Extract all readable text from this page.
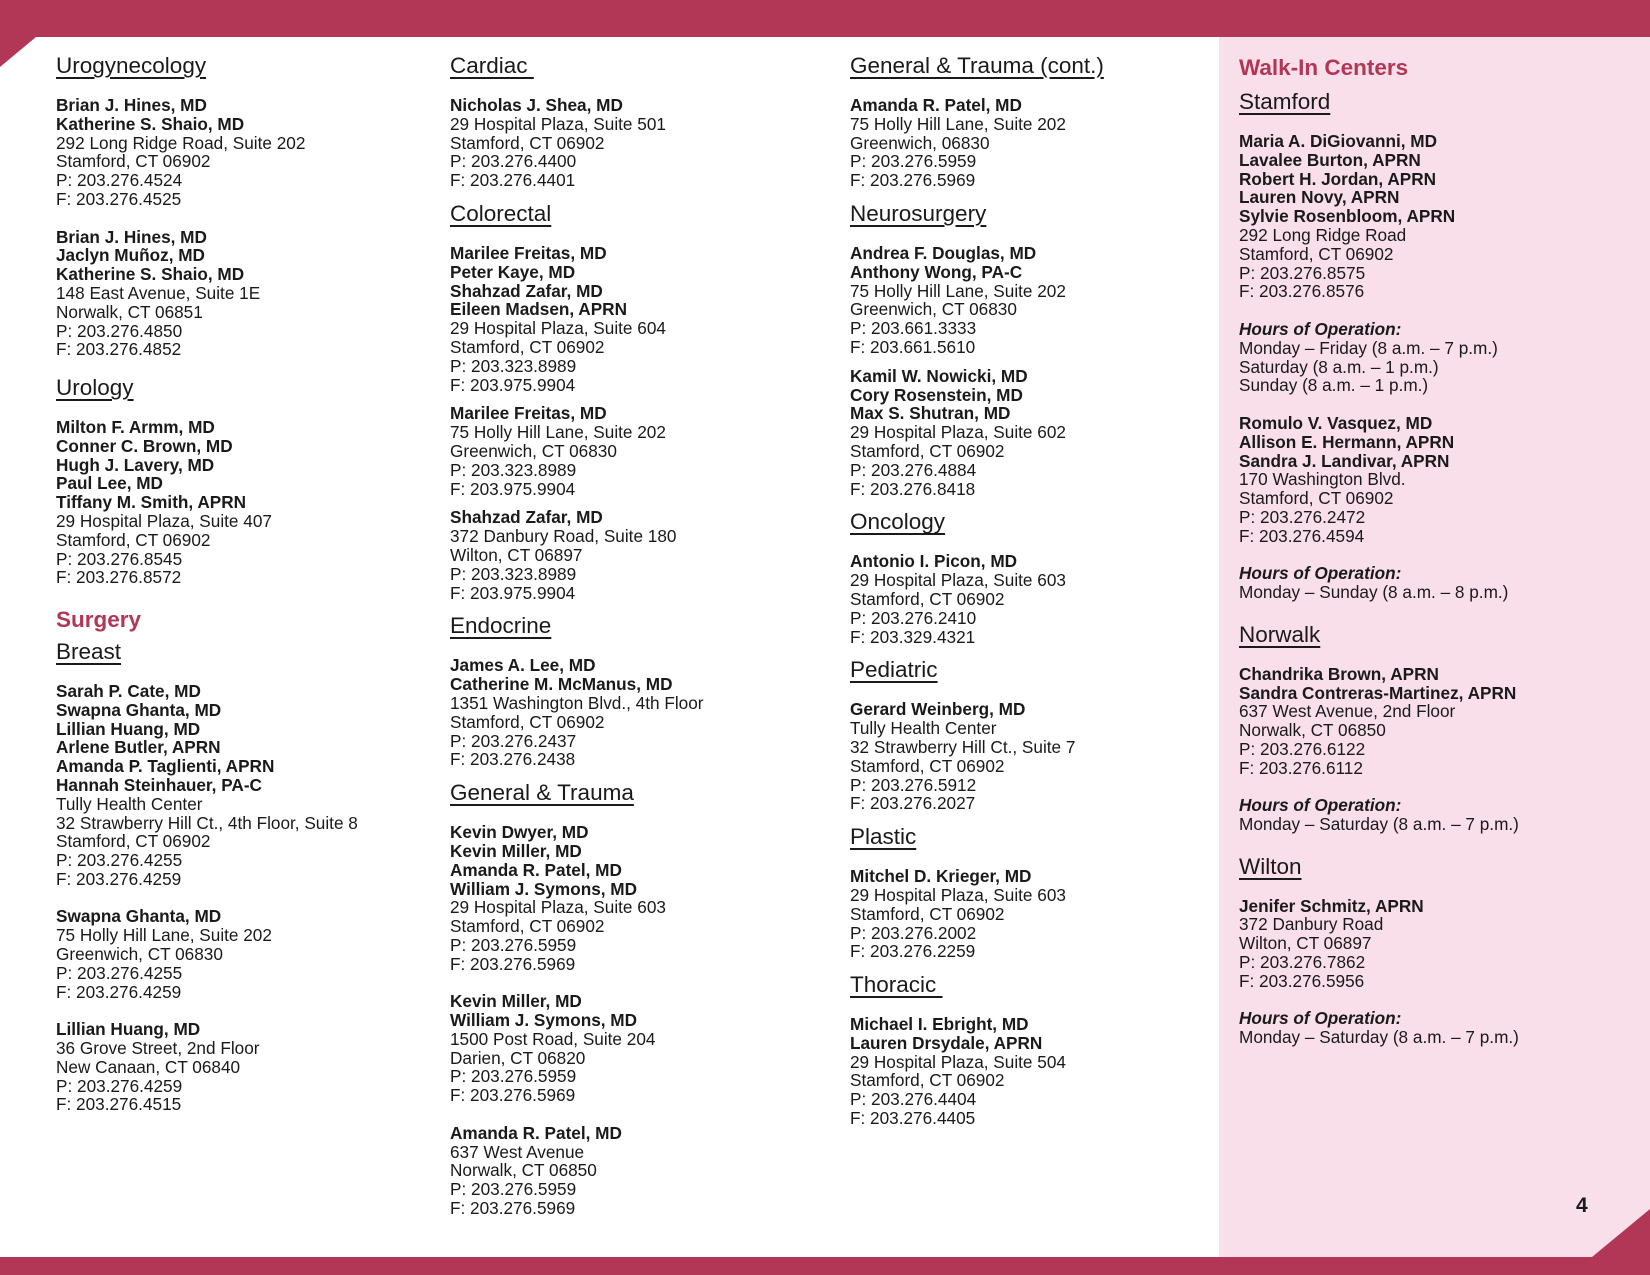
Urogynecology
Brian J. Hines, MD
Katherine S. Shaio, MD
292 Long Ridge Road, Suite 202
Stamford, CT 06902
P: 203.276.4524
F: 203.276.4525
Brian J. Hines, MD
Jaclyn Muñoz, MD
Katherine S. Shaio, MD
148 East Avenue, Suite 1E
Norwalk, CT 06851
P: 203.276.4850
F: 203.276.4852
Urology
Milton F. Armm, MD
Conner C. Brown, MD
Hugh J. Lavery, MD
Paul Lee, MD
Tiffany M. Smith, APRN
29 Hospital Plaza, Suite 407
Stamford, CT 06902
P: 203.276.8545
F: 203.276.8572
Surgery
Breast
Sarah P. Cate, MD
Swapna Ghanta, MD
Lillian Huang, MD
Arlene Butler, APRN
Amanda P. Taglienti, APRN
Hannah Steinhauer, PA-C
Tully Health Center
32 Strawberry Hill Ct., 4th Floor, Suite 8
Stamford, CT 06902
P: 203.276.4255
F: 203.276.4259
Swapna Ghanta, MD
75 Holly Hill Lane, Suite 202
Greenwich, CT 06830
P: 203.276.4255
F: 203.276.4259
Lillian Huang, MD
36 Grove Street, 2nd Floor
New Canaan, CT 06840
P: 203.276.4259
F: 203.276.4515
Cardiac
Nicholas J. Shea, MD
29 Hospital Plaza, Suite 501
Stamford, CT 06902
P: 203.276.4400
F: 203.276.4401
Colorectal
Marilee Freitas, MD
Peter Kaye, MD
Shahzad Zafar, MD
Eileen Madsen, APRN
29 Hospital Plaza, Suite 604
Stamford, CT 06902
P: 203.323.8989
F: 203.975.9904
Marilee Freitas, MD
75 Holly Hill Lane, Suite 202
Greenwich, CT 06830
P: 203.323.8989
F: 203.975.9904
Shahzad Zafar, MD
372 Danbury Road, Suite 180
Wilton, CT 06897
P: 203.323.8989
F: 203.975.9904
Endocrine
James A. Lee, MD
Catherine M. McManus, MD
1351 Washington Blvd., 4th Floor
Stamford, CT 06902
P: 203.276.2437
F: 203.276.2438
General & Trauma
Kevin Dwyer, MD
Kevin Miller, MD
Amanda R. Patel, MD
William J. Symons, MD
29 Hospital Plaza, Suite 603
Stamford, CT 06902
P: 203.276.5959
F: 203.276.5969
Kevin Miller, MD
William J. Symons, MD
1500 Post Road, Suite 204
Darien, CT 06820
P: 203.276.5959
F: 203.276.5969
Amanda R. Patel, MD
637 West Avenue
Norwalk, CT 06850
P: 203.276.5959
F: 203.276.5969
General & Trauma (cont.)
Amanda R. Patel, MD
75 Holly Hill Lane, Suite 202
Greenwich, 06830
P: 203.276.5959
F: 203.276.5969
Neurosurgery
Andrea F. Douglas, MD
Anthony Wong, PA-C
75 Holly Hill Lane, Suite 202
Greenwich, CT 06830
P: 203.661.3333
F: 203.661.5610
Kamil W. Nowicki, MD
Cory Rosenstein, MD
Max S. Shutran, MD
29 Hospital Plaza, Suite 602
Stamford, CT 06902
P: 203.276.4884
F: 203.276.8418
Oncology
Antonio I. Picon, MD
29 Hospital Plaza, Suite 603
Stamford, CT 06902
P: 203.276.2410
F: 203.329.4321
Pediatric
Gerard Weinberg, MD
Tully Health Center
32 Strawberry Hill Ct., Suite 7
Stamford, CT 06902
P: 203.276.5912
F: 203.276.2027
Plastic
Mitchel D. Krieger, MD
29 Hospital Plaza, Suite 603
Stamford, CT 06902
P: 203.276.2002
F: 203.276.2259
Thoracic
Michael I. Ebright, MD
Lauren Drsydale, APRN
29 Hospital Plaza, Suite 504
Stamford, CT 06902
P: 203.276.4404
F: 203.276.4405
Walk-In Centers
Stamford
Maria A. DiGiovanni, MD
Lavalee Burton, APRN
Robert H. Jordan, APRN
Lauren Novy, APRN
Sylvie Rosenbloom, APRN
292 Long Ridge Road
Stamford, CT 06902
P: 203.276.8575
F: 203.276.8576
Hours of Operation:
Monday – Friday (8 a.m. – 7 p.m.)
Saturday (8 a.m. – 1 p.m.)
Sunday (8 a.m. – 1 p.m.)
Romulo V. Vasquez, MD
Allison E. Hermann, APRN
Sandra J. Landivar, APRN
170 Washington Blvd.
Stamford, CT 06902
P: 203.276.2472
F: 203.276.4594
Hours of Operation:
Monday – Sunday (8 a.m. – 8 p.m.)
Norwalk
Chandrika Brown, APRN
Sandra Contreras-Martinez, APRN
637 West Avenue, 2nd Floor
Norwalk, CT 06850
P: 203.276.6122
F: 203.276.6112
Hours of Operation:
Monday – Saturday (8 a.m. – 7 p.m.)
Wilton
Jenifer Schmitz, APRN
372 Danbury Road
Wilton, CT 06897
P: 203.276.7862
F: 203.276.5956
Hours of Operation:
Monday – Saturday (8 a.m. – 7 p.m.)
4
